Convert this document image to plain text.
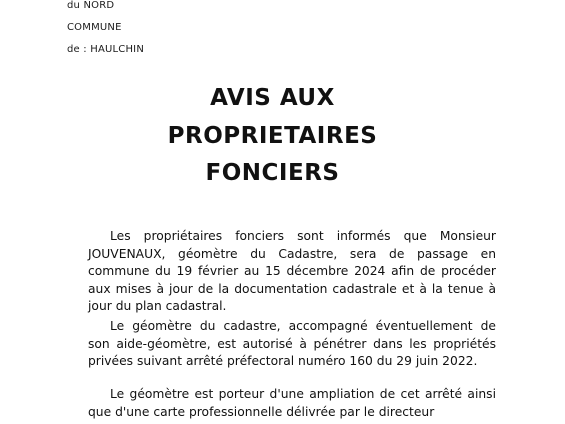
du NORD
COMMUNE
de : HAULCHIN
AVIS AUX
PROPRIETAIRES
FONCIERS
Les propriétaires fonciers sont informés que Monsieur JOUVENAUX, géomètre du Cadastre, sera de passage en commune du 19 février au 15 décembre 2024 afin de procéder aux mises à jour de la documentation cadastrale et à la tenue à jour du plan cadastral.
Le géomètre du cadastre, accompagné éventuellement de son aide-géomètre, est autorisé à pénétrer dans les propriétés privées suivant arrêté préfectoral numéro 160 du 29 juin 2022.
Le géomètre est porteur d'une ampliation de cet arrêté ainsi que d'une carte professionnelle délivrée par le directeur
